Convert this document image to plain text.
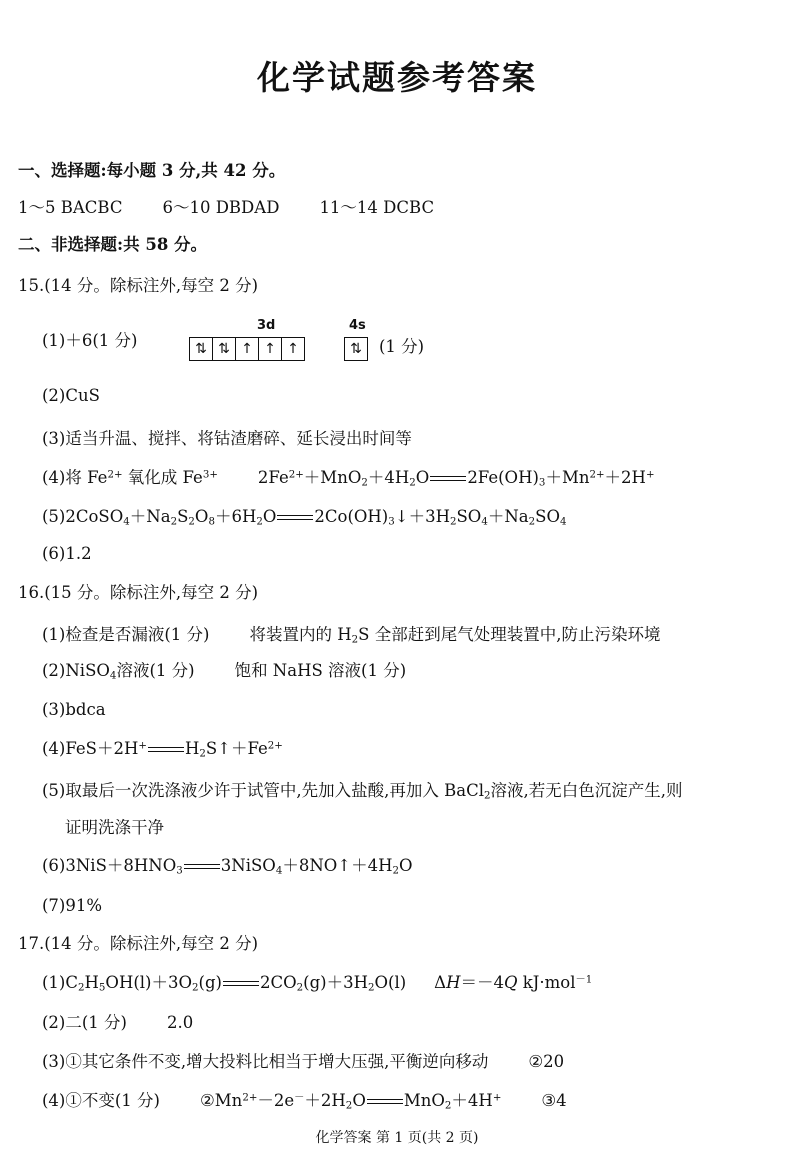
化学试题参考答案
一、选择题:每小题 3 分,共 42 分。
1～5 BACBC 6～10 DBDAD 11～14 DCBC
二、非选择题:共 58 分。
15.(14 分。除标注外,每空 2 分)
(1)＋6(1 分)
3d	4s
⇅ ⇅ ↑ ↑ ↑	⇅	(1 分)
(2)CuS
(3)适当升温、搅拌、将钴渣磨碎、延长浸出时间等
(4)将 $Fe^{2+}$ 氧化成 $Fe^{3+}$ $2Fe^{2+}+MnO_2+4H_2O$ $2Fe(OH)_3+Mn^{2+}+2H^+$
$(5)2CoSO_4+Na_2S_2O_8+6H_2O$ $2Co(OH)_3↓+3H_2SO_4+Na_2SO_4$
(6)1.2
16.(15 分。除标注外,每空 2 分)
(1)检查是否漏液(1 分) 将装置内的 $H_2S$ 全部赶到尾气处理装置中,防止污染环境
(2)NiSO$_4$溶液(1 分) 饱和 NaHS 溶液(1 分)
(3)bdca
(4)FeS＋2H+ $H_2S↑+Fe^{2+}$
(5)取最后一次洗涤液少许于试管中,先加入盐酸,再加入 BaCl$_2$溶液,若无白色沉淀产生,则
证明洗涤干净
$(6)3NiS+8HNO_3$ $3NiSO_4+8NO↑+4H_2O$
(7)91%
17.(14 分。除标注外,每空 2 分)
$(1)C_2H_5OH(l)+3O_2(g)$ $2CO_2(g)+3H_2O(l)$ ΔH＝－4Q kJ·mol$^{-1}$
(2)二(1 分) 2.0
(3)①其它条件不变,增大投料比相当于增大压强,平衡逆向移动 ②20
(4)①不变(1 分) $②Mn^{2+}-2e^-+2H_2O$ MnO$_2$＋4H+ ③4
化学答案 第 1 页(共 2 页)
